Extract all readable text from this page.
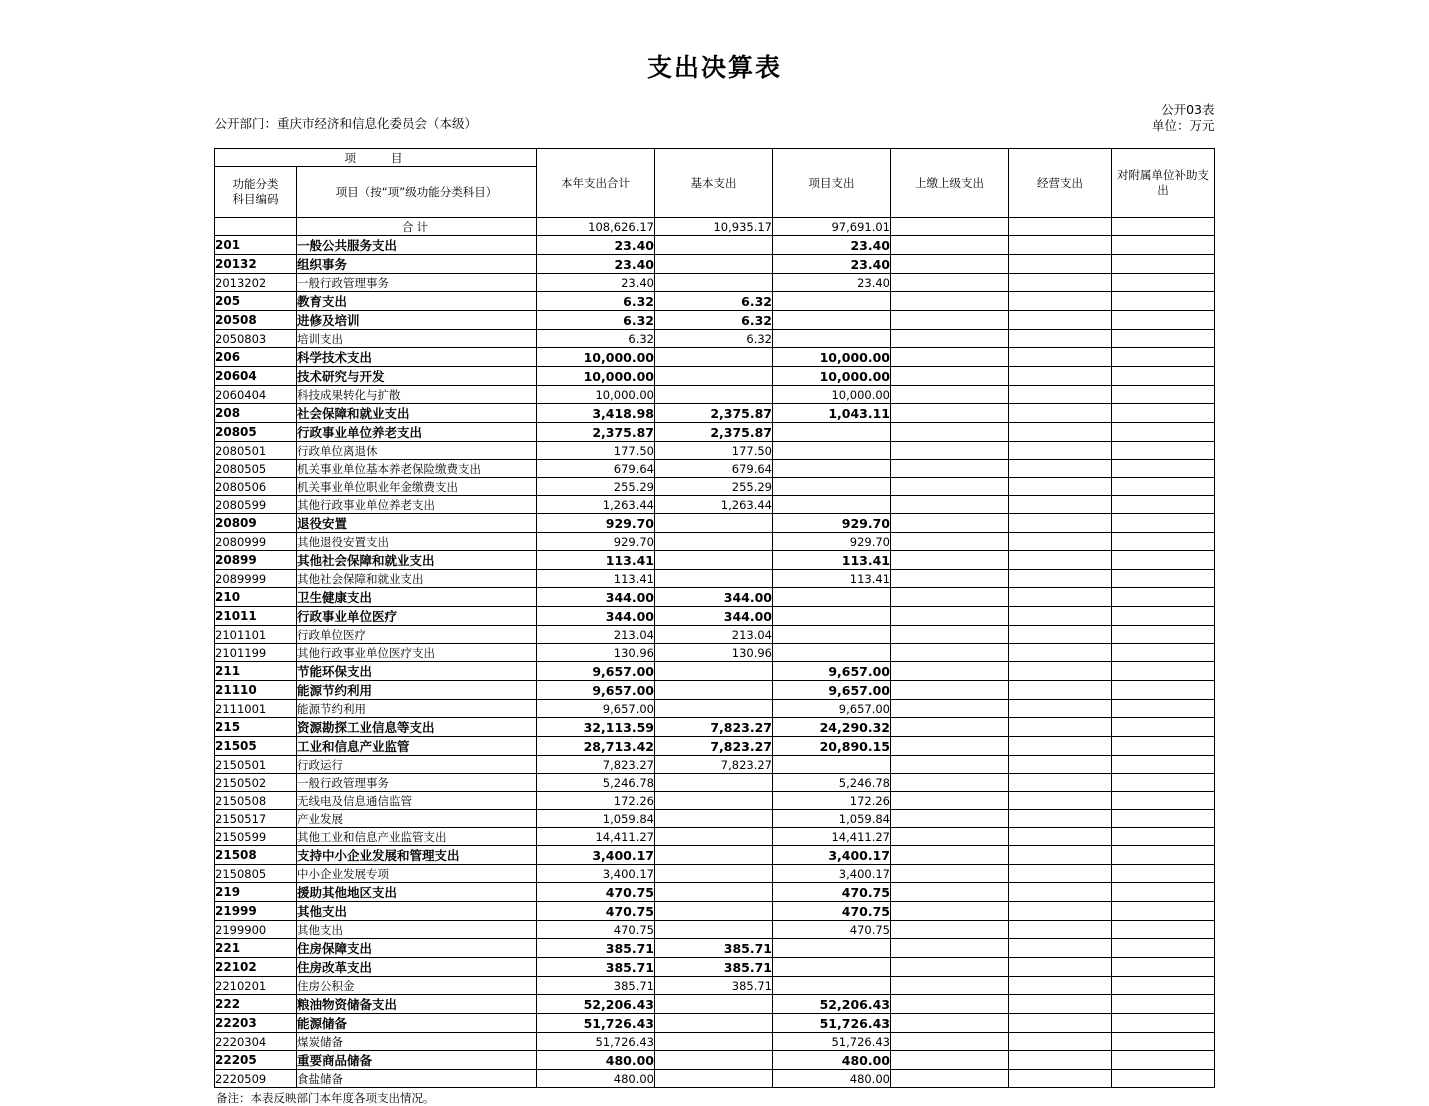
支出决算表
公开部门：重庆市经济和信息化委员会（本级）
公开03表
单位：万元
项　　目		本年支出合计	基本支出	项目支出	上缴上级支出	经营支出	对附属单位补助支出

功能分类
科目编码	项目（按“项”级功能分类科目）						
	合计	108,626.17	10,935.17	97,691.01			
201	一般公共服务支出	23.40		23.40			
20132	组织事务	23.40		23.40			
2013202	一般行政管理事务	23.40		23.40			
205	教育支出	6.32	6.32				
20508	进修及培训	6.32	6.32				
2050803	培训支出	6.32	6.32				
206	科学技术支出	10,000.00		10,000.00			
20604	技术研究与开发	10,000.00		10,000.00			
2060404	科技成果转化与扩散	10,000.00		10,000.00			
208	社会保障和就业支出	3,418.98	2,375.87	1,043.11			
20805	行政事业单位养老支出	2,375.87	2,375.87				
2080501	行政单位离退休	177.50	177.50				
2080505	机关事业单位基本养老保险缴费支出	679.64	679.64				
2080506	机关事业单位职业年金缴费支出	255.29	255.29				
2080599	其他行政事业单位养老支出	1,263.44	1,263.44				
20809	退役安置	929.70		929.70			
2080999	其他退役安置支出	929.70		929.70			
20899	其他社会保障和就业支出	113.41		113.41			
2089999	其他社会保障和就业支出	113.41		113.41			
210	卫生健康支出	344.00	344.00				
21011	行政事业单位医疗	344.00	344.00				
2101101	行政单位医疗	213.04	213.04				
2101199	其他行政事业单位医疗支出	130.96	130.96				
211	节能环保支出	9,657.00		9,657.00			
21110	能源节约利用	9,657.00		9,657.00			
2111001	能源节约利用	9,657.00		9,657.00			
215	资源勘探工业信息等支出	32,113.59	7,823.27	24,290.32			
21505	工业和信息产业监管	28,713.42	7,823.27	20,890.15			
2150501	行政运行	7,823.27	7,823.27				
2150502	一般行政管理事务	5,246.78		5,246.78			
2150508	无线电及信息通信监管	172.26		172.26			
2150517	产业发展	1,059.84		1,059.84			
2150599	其他工业和信息产业监管支出	14,411.27		14,411.27			
21508	支持中小企业发展和管理支出	3,400.17		3,400.17			
2150805	中小企业发展专项	3,400.17		3,400.17			
219	援助其他地区支出	470.75		470.75			
21999	其他支出	470.75		470.75			
2199900	其他支出	470.75		470.75			
221	住房保障支出	385.71	385.71				
22102	住房改革支出	385.71	385.71				
2210201	住房公积金	385.71	385.71				
222	粮油物资储备支出	52,206.43		52,206.43			
22203	能源储备	51,726.43		51,726.43			
2220304	煤炭储备	51,726.43		51,726.43			
22205	重要商品储备	480.00		480.00			
2220509	食盐储备	480.00		480.00			
备注：本表反映部门本年度各项支出情况。
